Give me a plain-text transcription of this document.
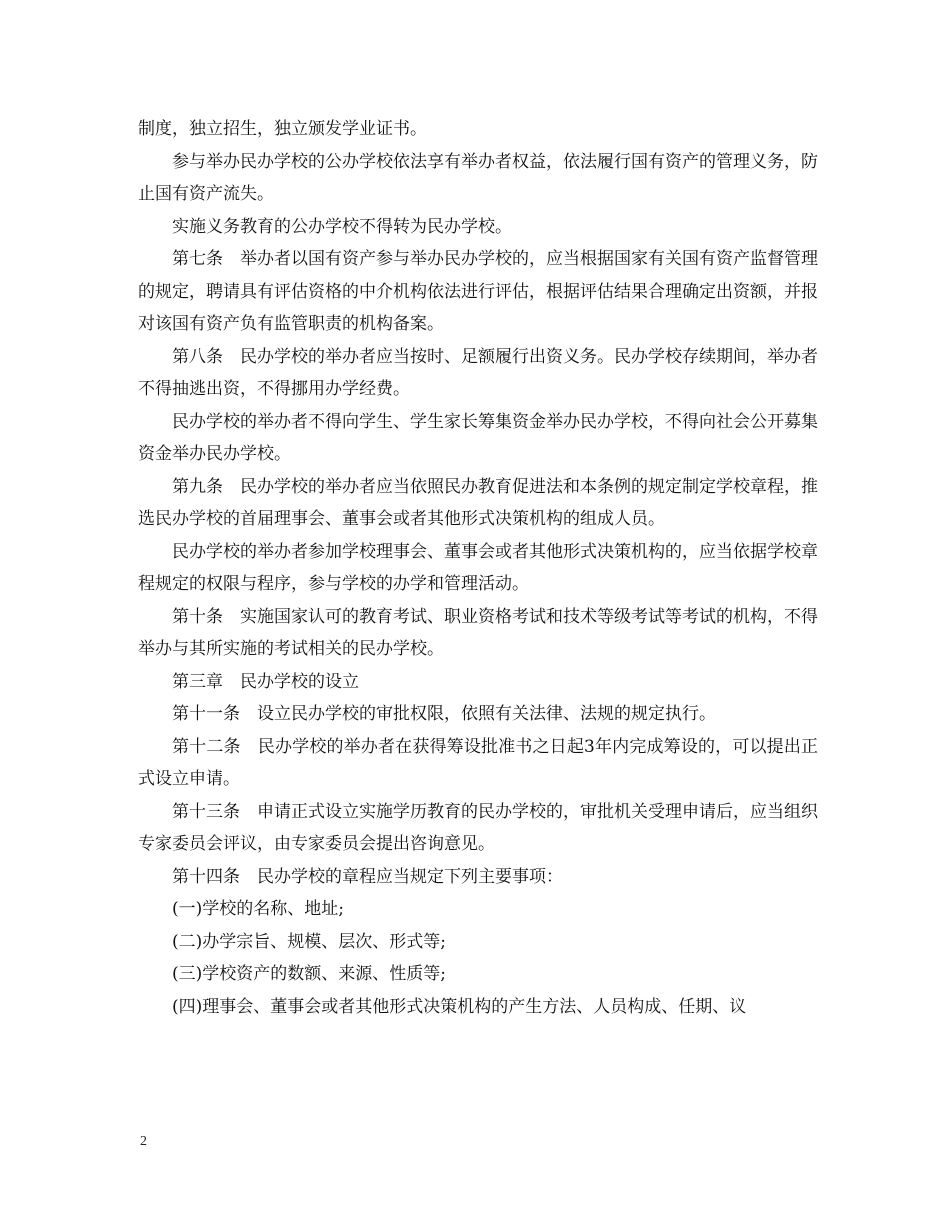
制度，独立招生，独立颁发学业证书。

参与举办民办学校的公办学校依法享有举办者权益，依法履行国有资产的管理义务，防止国有资产流失。

实施义务教育的公办学校不得转为民办学校。

第七条　举办者以国有资产参与举办民办学校的，应当根据国家有关国有资产监督管理的规定，聘请具有评估资格的中介机构依法进行评估，根据评估结果合理确定出资额，并报对该国有资产负有监管职责的机构备案。

第八条　民办学校的举办者应当按时、足额履行出资义务。民办学校存续期间，举办者不得抽逃出资，不得挪用办学经费。

民办学校的举办者不得向学生、学生家长筹集资金举办民办学校，不得向社会公开募集资金举办民办学校。

第九条　民办学校的举办者应当依照民办教育促进法和本条例的规定制定学校章程，推选民办学校的首届理事会、董事会或者其他形式决策机构的组成人员。

民办学校的举办者参加学校理事会、董事会或者其他形式决策机构的，应当依据学校章程规定的权限与程序，参与学校的办学和管理活动。

第十条　实施国家认可的教育考试、职业资格考试和技术等级考试等考试的机构，不得举办与其所实施的考试相关的民办学校。

第三章　民办学校的设立

第十一条　设立民办学校的审批权限，依照有关法律、法规的规定执行。

第十二条　民办学校的举办者在获得筹设批准书之日起3年内完成筹设的，可以提出正式设立申请。

第十三条　申请正式设立实施学历教育的民办学校的，审批机关受理申请后，应当组织专家委员会评议，由专家委员会提出咨询意见。

第十四条　民办学校的章程应当规定下列主要事项：

(一)学校的名称、地址;

(二)办学宗旨、规模、层次、形式等;

(三)学校资产的数额、来源、性质等;

(四)理事会、董事会或者其他形式决策机构的产生方法、人员构成、任期、议

2
